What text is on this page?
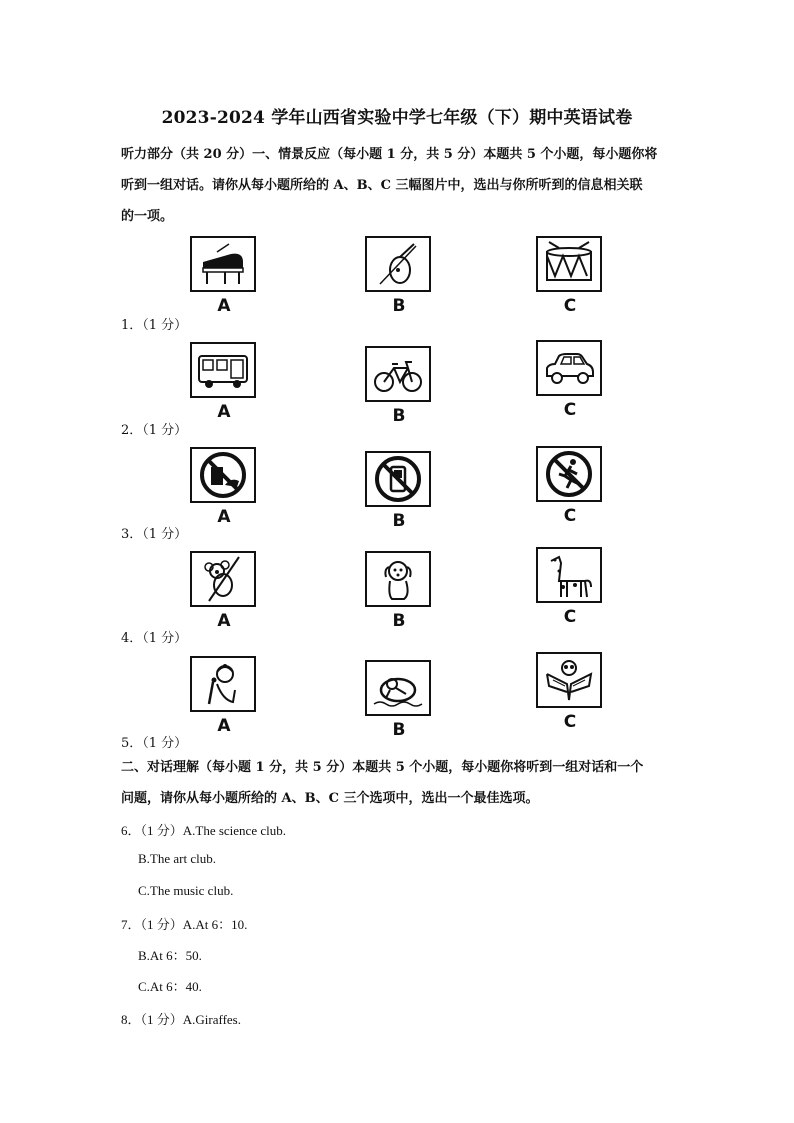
2023-2024 学年山西省实验中学七年级（下）期中英语试卷
听力部分（共 20 分）一、情景反应（每小题 1 分，共 5 分）本题共 5 个小题，每小题你将
听到一组对话。请你从每小题所给的 A、B、C 三幅图片中，选出与你所听到的信息相关联
的一项。
1．（1 分）
A	B	C
2．（1 分）
A	B	C
3．（1 分）
A	B	C
4．（1 分）
A	B	C
5．（1 分）
A	B	C
二、对话理解（每小题 1 分，共 5 分）本题共 5 个小题，每小题你将听到一组对话和一个
问题，请你从每小题所给的 A、B、C 三个选项中，选出一个最佳选项。
6．（1 分）A.The science club.
B.The art club.
C.The music club.
7．（1 分）A.At 6：10.
B.At 6：50.
C.At 6：40.
8．（1 分）A.Giraffes.
